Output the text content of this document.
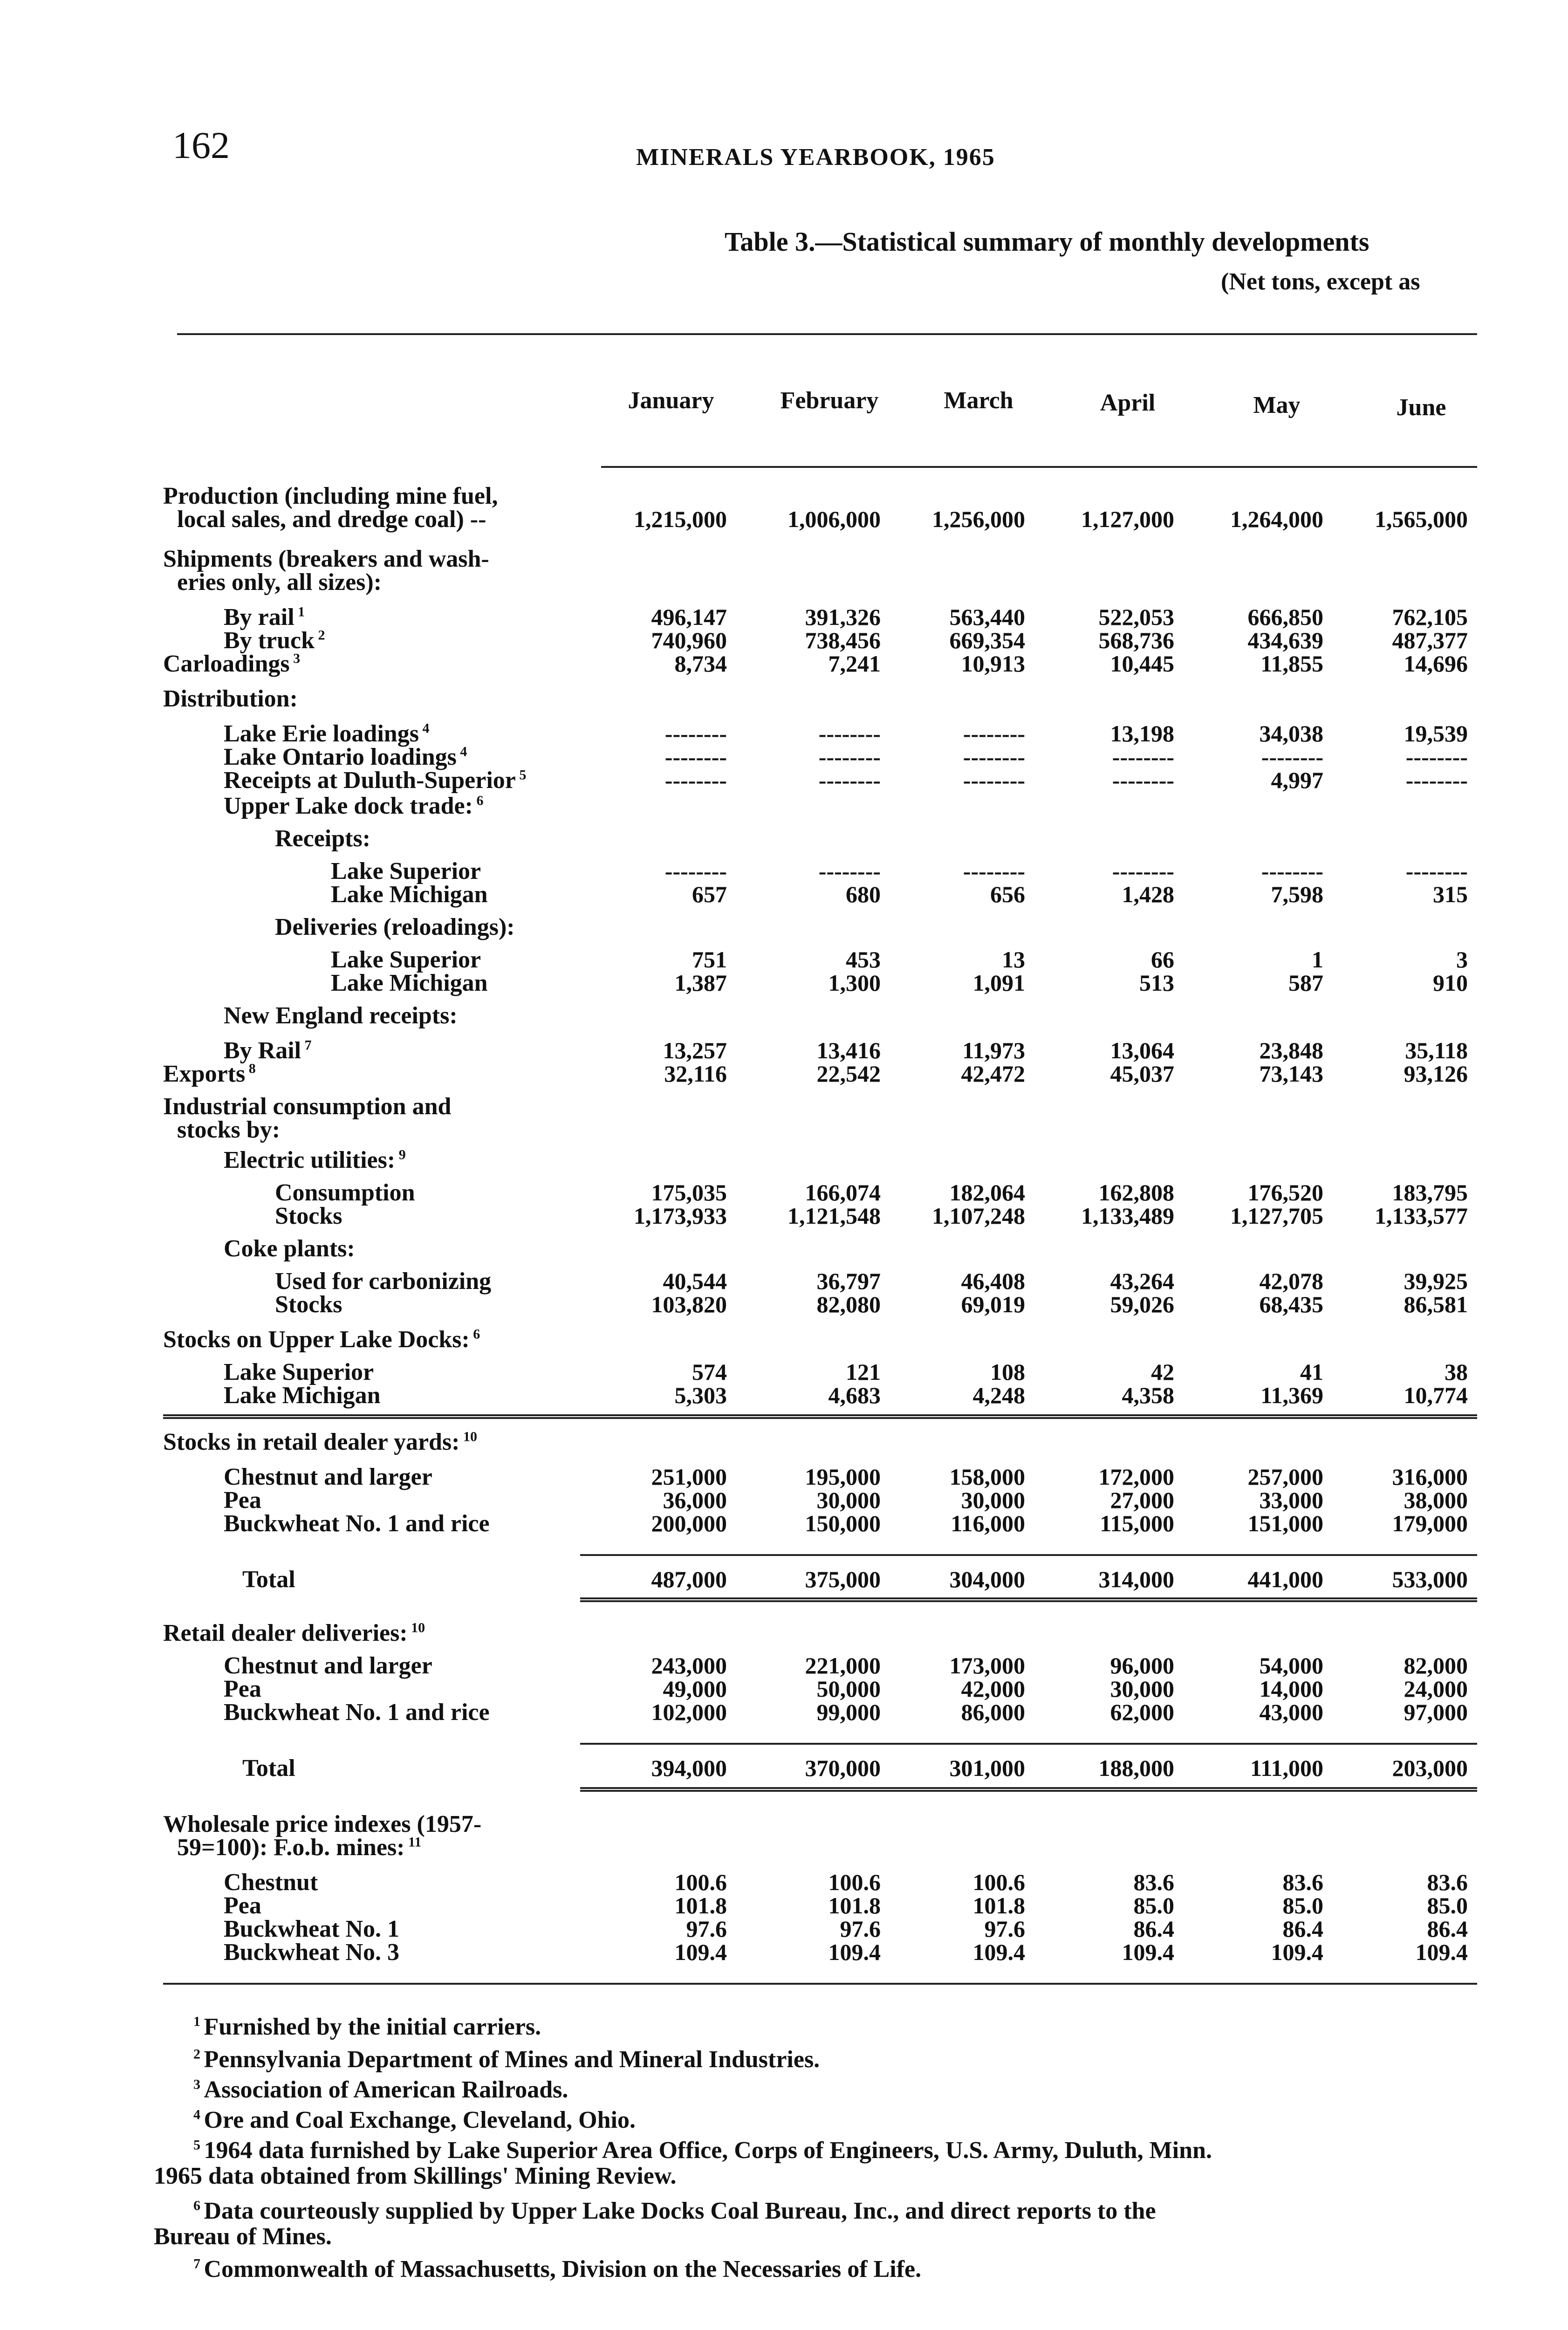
162	MINERALS YEARBOOK, 1965
Table 3.—Statistical summary of monthly developments
(Net tons, except as
January	February	March	April	May	June
Production (including mine fuel,
local sales, and dredge coal) --	1,215,000	1,006,000	1,256,000	1,127,000	1,264,000	1,565,000
Shipments (breakers and wash-
eries only, all sizes):
By rail $^1$	496,147	391,326	563,440	522,053	666,850	762,105
By truck $^2$	740,960	738,456	669,354	568,736	434,639	487,377
Carloadings $^3$	8,734	7,241	10,913	10,445	11,855	14,696
Distribution:
Lake Erie loadings $^4$	--------	--------	--------	13,198	34,038	19,539
Lake Ontario loadings $^4$	--------	--------	--------	--------	--------	--------
Receipts at Duluth-Superior $^5$	--------	--------	--------	--------	4,997	--------
Upper Lake dock trade: $^6$
Receipts:
Lake Superior	--------	--------	--------	--------	--------	--------
Lake Michigan	657	680	656	1,428	7,598	315
Deliveries (reloadings):
Lake Superior	751	453	13	66	1	3
Lake Michigan	1,387	1,300	1,091	513	587	910
New England receipts:
By Rail $^7$	13,257	13,416	11,973	13,064	23,848	35,118
Exports $^8$	32,116	22,542	42,472	45,037	73,143	93,126
Industrial consumption and
stocks by:
Electric utilities: $^9$
Consumption	175,035	166,074	182,064	162,808	176,520	183,795
Stocks	1,173,933	1,121,548	1,107,248	1,133,489	1,127,705	1,133,577
Coke plants:
Used for carbonizing	40,544	36,797	46,408	43,264	42,078	39,925
Stocks	103,820	82,080	69,019	59,026	68,435	86,581
Stocks on Upper Lake Docks: $^6$
Lake Superior	574	121	108	42	41	38
Lake Michigan	5,303	4,683	4,248	4,358	11,369	10,774
Stocks in retail dealer yards: $^{10}$
Chestnut and larger	251,000	195,000	158,000	172,000	257,000	316,000
Pea	36,000	30,000	30,000	27,000	33,000	38,000
Buckwheat No. 1 and rice	200,000	150,000	116,000	115,000	151,000	179,000
Total	487,000	375,000	304,000	314,000	441,000	533,000
Retail dealer deliveries: $^{10}$
Chestnut and larger	243,000	221,000	173,000	96,000	54,000	82,000
Pea	49,000	50,000	42,000	30,000	14,000	24,000
Buckwheat No. 1 and rice	102,000	99,000	86,000	62,000	43,000	97,000
Total	394,000	370,000	301,000	188,000	111,000	203,000
Wholesale price indexes (1957-
59=100): F.o.b. mines: $^{11}$
Chestnut	100.6	100.6	100.6	83.6	83.6	83.6
Pea	101.8	101.8	101.8	85.0	85.0	85.0
Buckwheat No. 1	97.6	97.6	97.6	86.4	86.4	86.4
Buckwheat No. 3	109.4	109.4	109.4	109.4	109.4	109.4
$^1$ Furnished by the initial carriers.
$^2$ Pennsylvania Department of Mines and Mineral Industries.
$^3$ Association of American Railroads.
$^4$ Ore and Coal Exchange, Cleveland, Ohio.
$^5$ 1964 data furnished by Lake Superior Area Office, Corps of Engineers, U.S. Army, Duluth, Minn.
1965 data obtained from Skillings' Mining Review.
$^6$ Data courteously supplied by Upper Lake Docks Coal Bureau, Inc., and direct reports to the
Bureau of Mines.
$^7$ Commonwealth of Massachusetts, Division on the Necessaries of Life.
